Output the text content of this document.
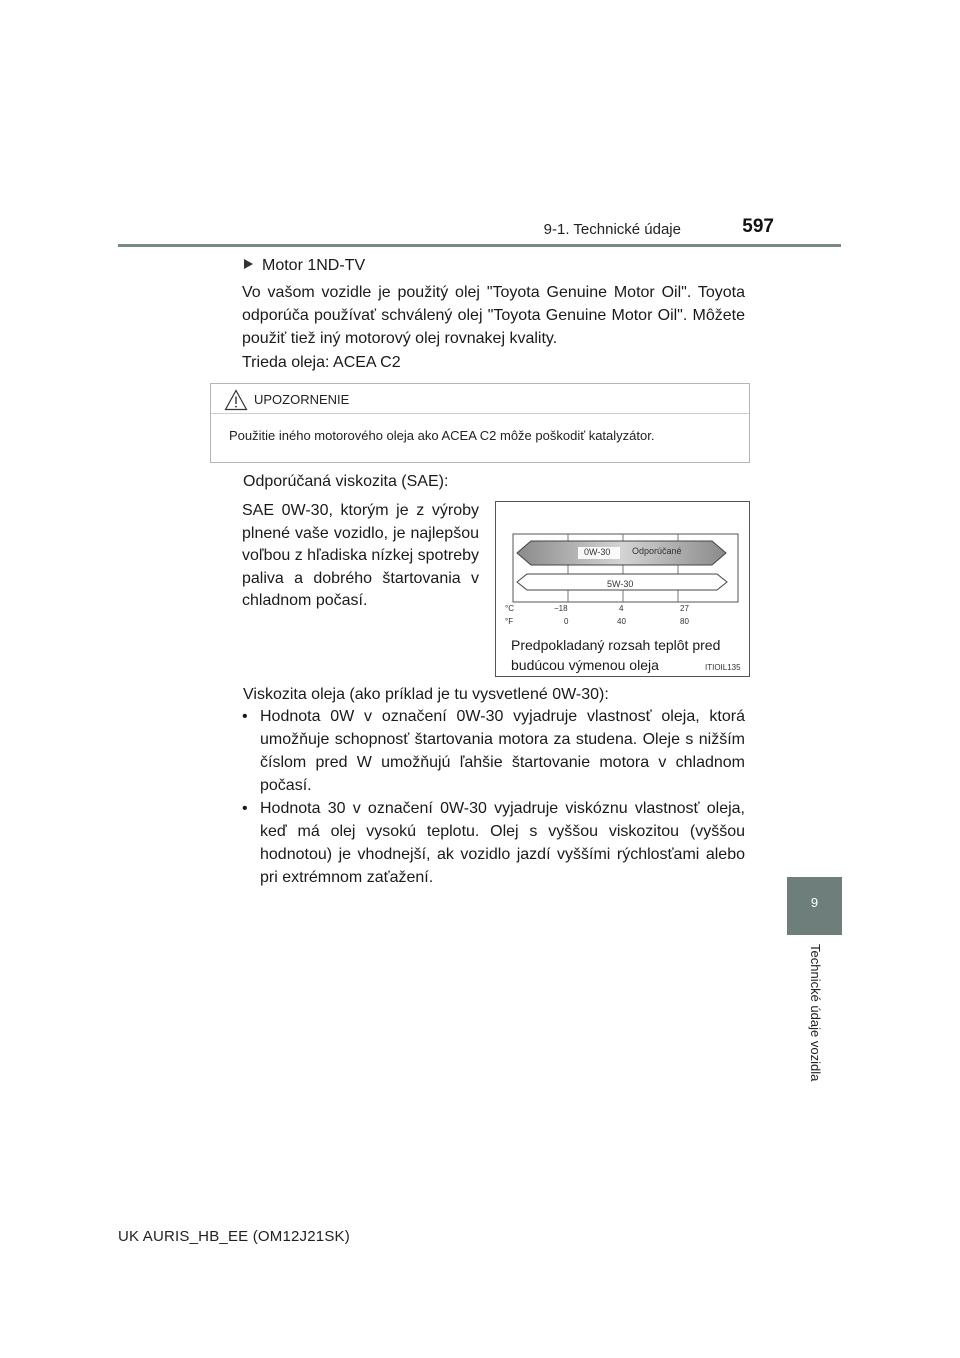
9-1. Technické údaje	597
9
Technické údaje vozidla
Motor 1ND-TV
Vo vašom vozidle je použitý olej "Toyota Genuine Motor Oil". Toyota odporúča používať schválený olej "Toyota Genuine Motor Oil". Môžete použiť tiež iný motorový olej rovnakej kvality.
Trieda oleja: ACEA C2
UPOZORNENIE
Použitie iného motorového oleja ako ACEA C2 môže poškodiť katalyzátor.
Odporúčaná viskozita (SAE):
SAE 0W-30, ktorým je z výroby plnené vaše vozidlo, je najlepšou voľbou z hľadiska nízkej spotreby paliva a dobrého štartovania v chladnom počasí.
0W-30 Odporúčané
5W-30
°C
°F
−18	4	27
0	40	80
Predpokladaný rozsah teplôt pred budúcou výmenou oleja	ITIOIL135
Viskozita oleja (ako príklad je tu vysvetlené 0W-30):
• Hodnota 0W v označení 0W-30 vyjadruje vlastnosť oleja, ktorá umožňuje schopnosť štartovania motora za studena. Oleje s nižším číslom pred W umožňujú ľahšie štartovanie motora v chladnom počasí.
• Hodnota 30 v označení 0W-30 vyjadruje viskóznu vlastnosť oleja, keď má olej vysokú teplotu. Olej s vyššou viskozitou (vyššou hodnotou) je vhodnejší, ak vozidlo jazdí vyššími rýchlosťami alebo pri extrémnom zaťažení.
UK AURIS_HB_EE (OM12J21SK)
